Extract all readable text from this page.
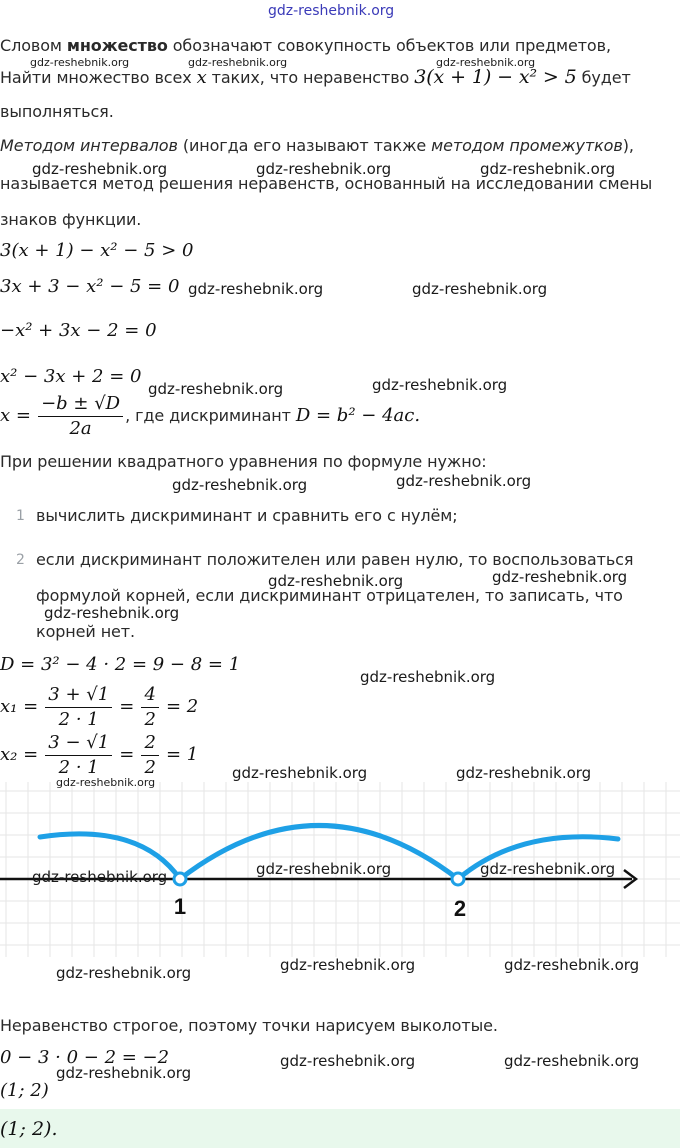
gdz-reshebnik.org
Словом множество обозначают совокупность объектов или предметов,
Найти множество всех x таких, что неравенство 3(x + 1) − x² > 5 будет
выполняться.
Методом интервалов (иногда его называют также методом промежутков),
называется метод решения неравенств, основанный на исследовании смены
знаков функции.
3(x + 1) − x² − 5 > 0
3x + 3 − x² − 5 = 0
−x² + 3x − 2 = 0
x² − 3x + 2 = 0
$x = \frac{-b \pm √D}{2a}$ , где дискриминант D = b² − 4ac.
При решении квадратного уравнения по формуле нужно:
1 вычислить дискриминант и сравнить его с нулём;
2 если дискриминант положителен или равен нулю, то воспользоваться
формулой корней, если дискриминант отрицателен, то записать, что
корней нет.
D = 3² − 4 · 2 = 9 − 8 = 1
$x_1 = \frac{3 + √1}{2 \cdot 1} = \frac{4}{2} = 2$
$x_2 = \frac{3 - √1}{2 \cdot 1} = \frac{2}{2} = 1$
1	2
Неравенство строгое, поэтому точки нарисуем выколотые.
0 − 3 · 0 − 2 = −2
(1; 2)
(1; 2).
gdz-reshebnik.org	gdz-reshebnik.org	gdz-reshebnik.org
gdz-reshebnik.org	gdz-reshebnik.org	gdz-reshebnik.org
gdz-reshebnik.org	gdz-reshebnik.org
gdz-reshebnik.org	gdz-reshebnik.org
gdz-reshebnik.org	gdz-reshebnik.org
gdz-reshebnik.org	gdz-reshebnik.org
gdz-reshebnik.org
gdz-reshebnik.org
gdz-reshebnik.org	gdz-reshebnik.org
gdz-reshebnik.org
gdz-reshebnik.org	gdz-reshebnik.org	gdz-reshebnik.org
gdz-reshebnik.org	gdz-reshebnik.org	gdz-reshebnik.org
gdz-reshebnik.org	gdz-reshebnik.org
gdz-reshebnik.org
